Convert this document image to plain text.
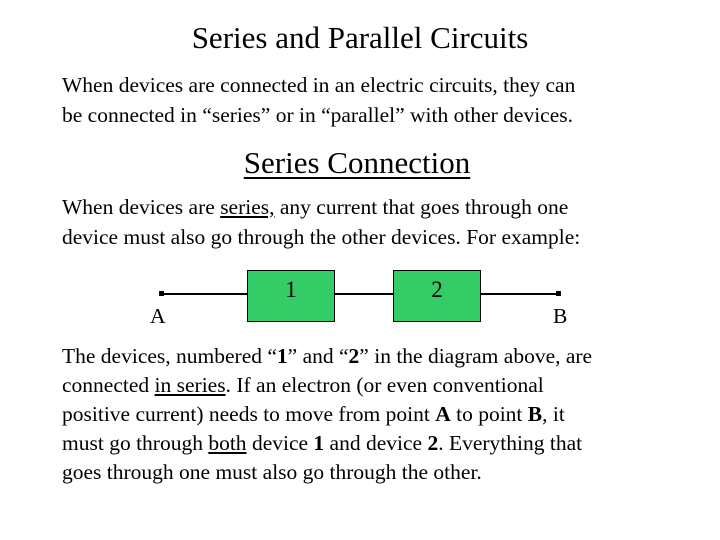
Series and Parallel Circuits
When devices are connected in an electric circuits, they can
be connected in “series” or in “parallel” with other devices.
Series Connection
When devices are series, any current that goes through one
device must also go through the other devices. For example:
1	2
A	B
The devices, numbered “1” and “2” in the diagram above, are
connected in series. If an electron (or even conventional
positive current) needs to move from point A to point B, it
must go through both device 1 and device 2. Everything that
goes through one must also go through the other.
